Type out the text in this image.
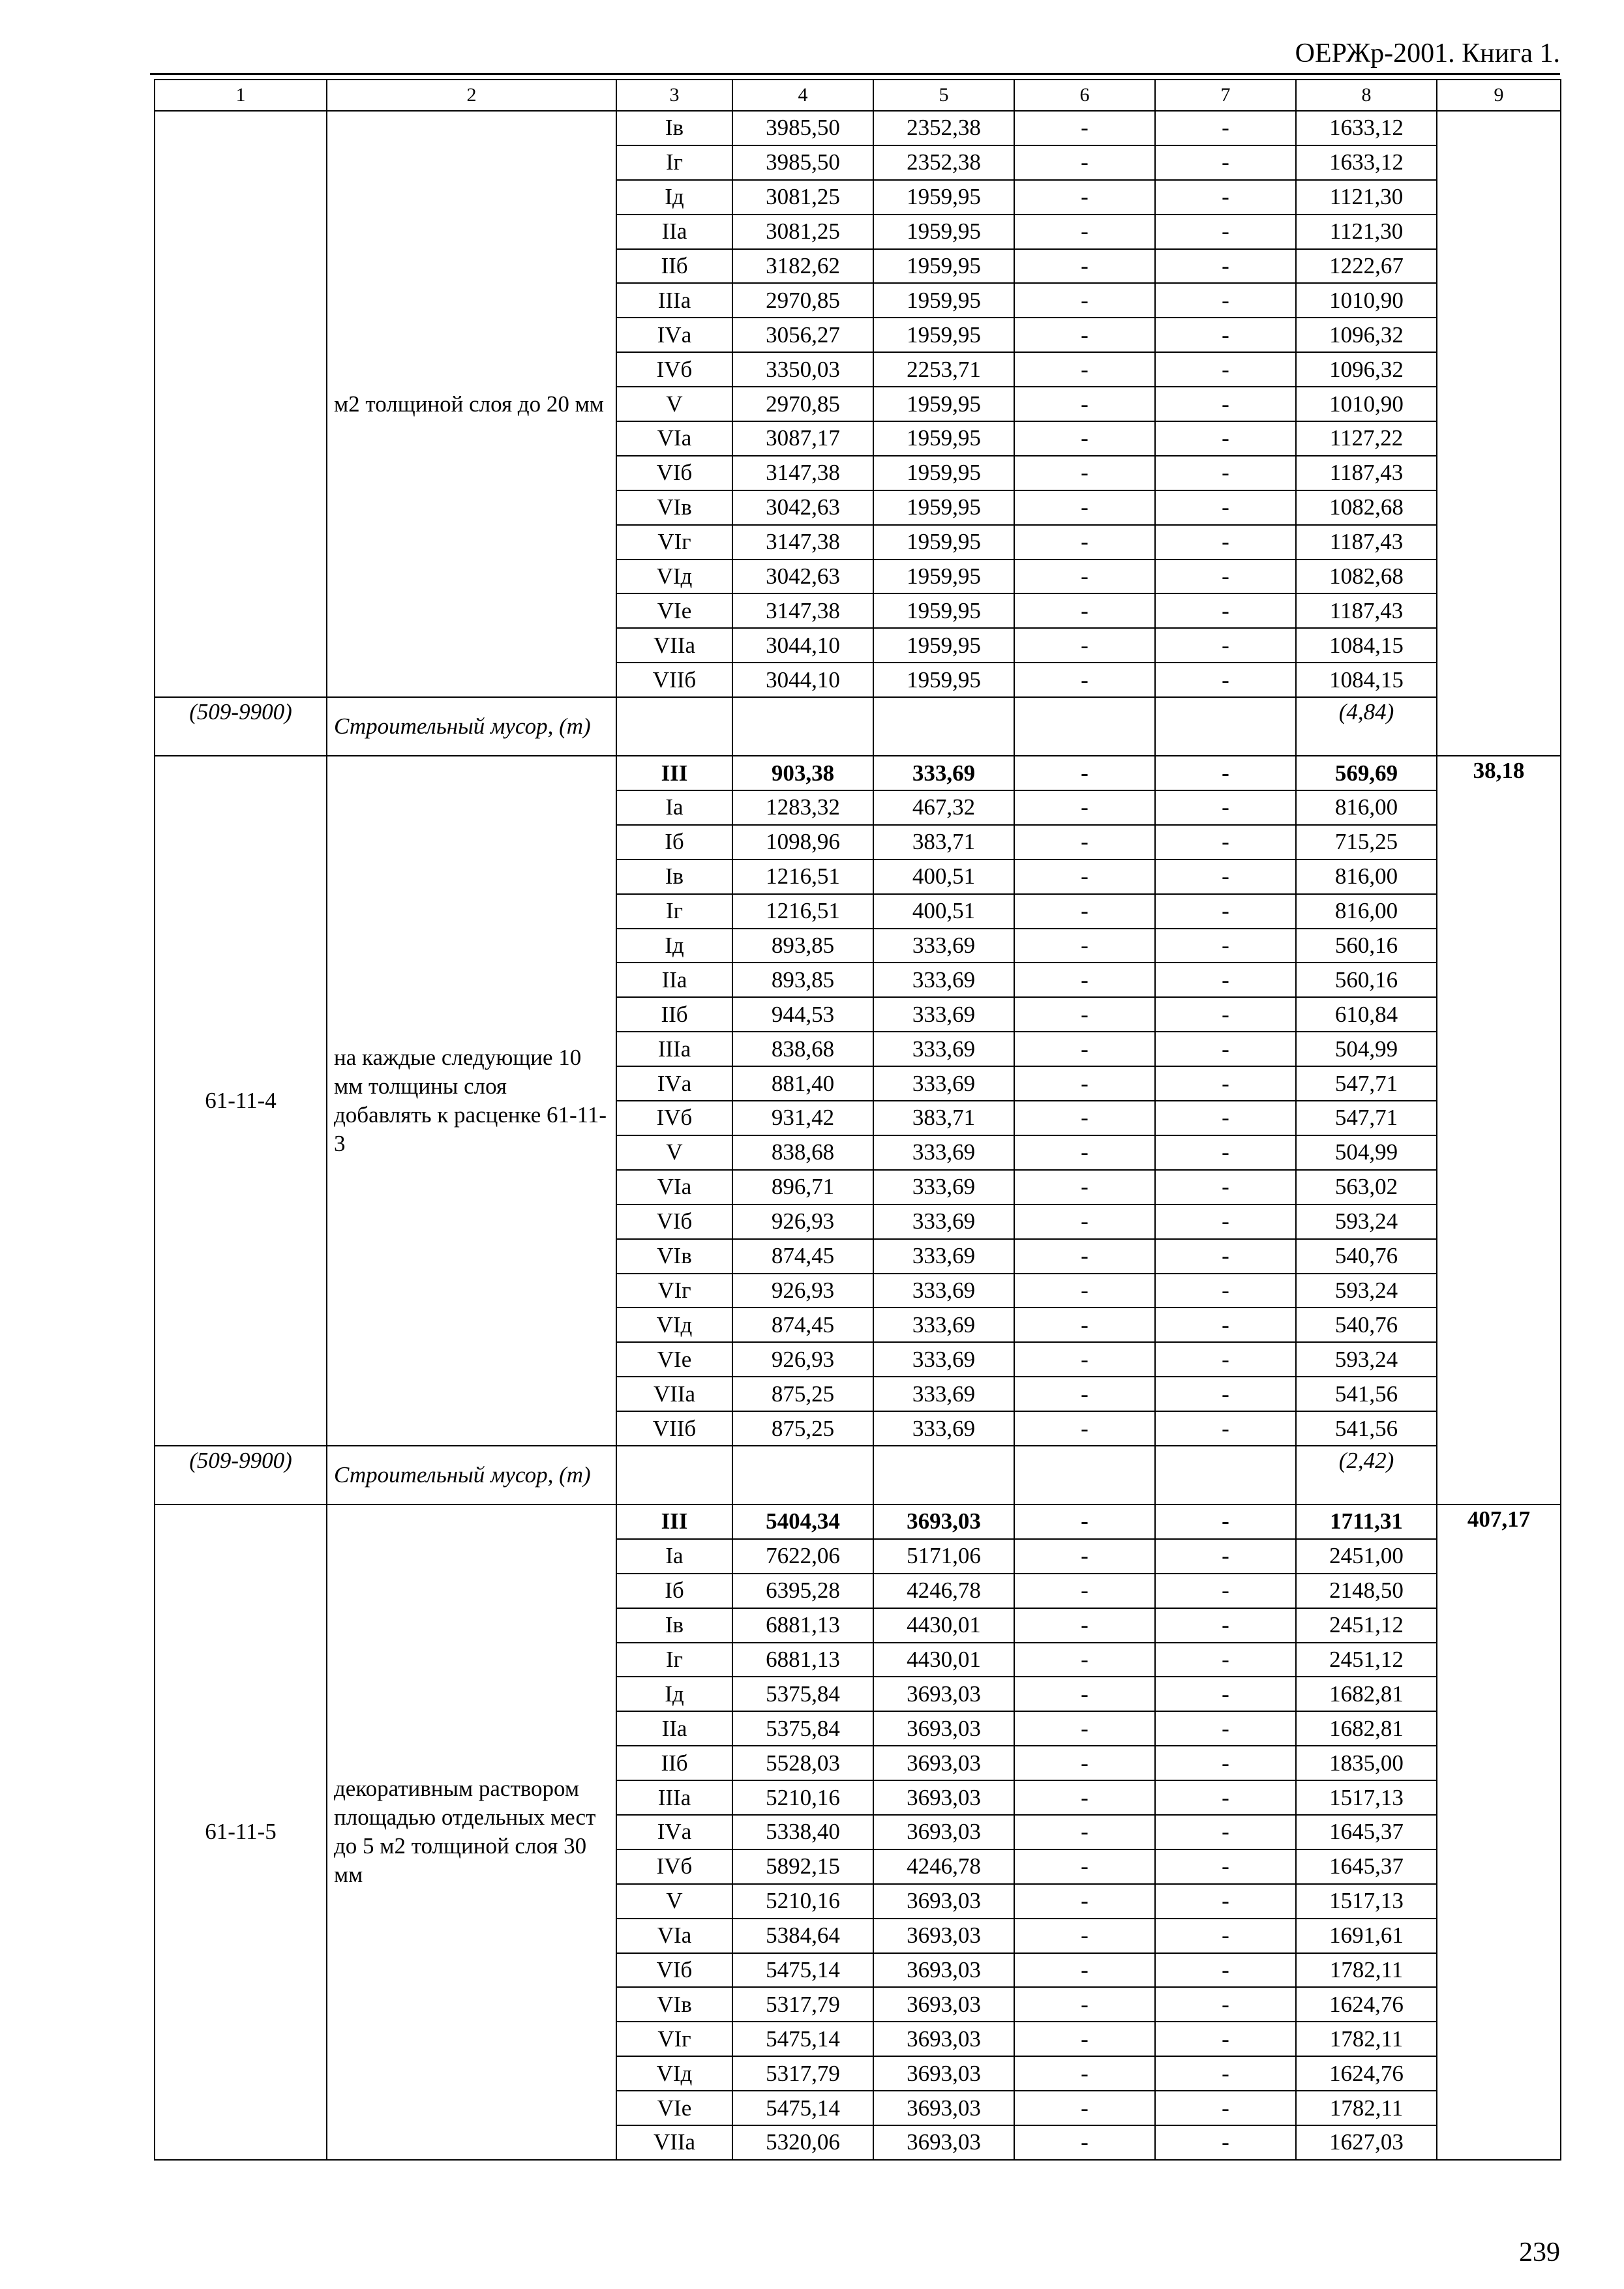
ОЕРЖр-2001. Книга 1.
1	2	3	4	5	6	7	8	9
	м2 толщиной слоя до 20 мм	Iв	3985,50	2352,38	-	-	1633,12	
		Iг	3985,50	2352,38	-	-	1633,12	
		Iд	3081,25	1959,95	-	-	1121,30	
		IIа	3081,25	1959,95	-	-	1121,30	
		IIб	3182,62	1959,95	-	-	1222,67	
		IIIа	2970,85	1959,95	-	-	1010,90	
		IVа	3056,27	1959,95	-	-	1096,32	
		IVб	3350,03	2253,71	-	-	1096,32	
		V	2970,85	1959,95	-	-	1010,90	
		VIа	3087,17	1959,95	-	-	1127,22	
		VIб	3147,38	1959,95	-	-	1187,43	
		VIв	3042,63	1959,95	-	-	1082,68	
		VIг	3147,38	1959,95	-	-	1187,43	
		VIд	3042,63	1959,95	-	-	1082,68	
		VIе	3147,38	1959,95	-	-	1187,43	
		VIIа	3044,10	1959,95	-	-	1084,15	
		VIIб	3044,10	1959,95	-	-	1084,15	
(509-9900)	Строительный мусор, (т)						(4,84)	
61-11-4	на каждые следующие 10 мм толщины слоя добавлять к расценке 61-11-3	III	903,38	333,69	-	-	569,69	38,18
		Iа	1283,32	467,32	-	-	816,00	
		Iб	1098,96	383,71	-	-	715,25	
		Iв	1216,51	400,51	-	-	816,00	
		Iг	1216,51	400,51	-	-	816,00	
		Iд	893,85	333,69	-	-	560,16	
		IIа	893,85	333,69	-	-	560,16	
		IIб	944,53	333,69	-	-	610,84	
		IIIа	838,68	333,69	-	-	504,99	
		IVа	881,40	333,69	-	-	547,71	
		IVб	931,42	383,71	-	-	547,71	
		V	838,68	333,69	-	-	504,99	
		VIа	896,71	333,69	-	-	563,02	
		VIб	926,93	333,69	-	-	593,24	
		VIв	874,45	333,69	-	-	540,76	
		VIг	926,93	333,69	-	-	593,24	
		VIд	874,45	333,69	-	-	540,76	
		VIе	926,93	333,69	-	-	593,24	
		VIIа	875,25	333,69	-	-	541,56	
		VIIб	875,25	333,69	-	-	541,56	
(509-9900)	Строительный мусор, (т)						(2,42)	
61-11-5	декоративным раствором площадью отдельных мест до 5 м2 толщиной слоя 30 мм	III	5404,34	3693,03	-	-	1711,31	407,17
		Iа	7622,06	5171,06	-	-	2451,00	
		Iб	6395,28	4246,78	-	-	2148,50	
		Iв	6881,13	4430,01	-	-	2451,12	
		Iг	6881,13	4430,01	-	-	2451,12	
		Iд	5375,84	3693,03	-	-	1682,81	
		IIа	5375,84	3693,03	-	-	1682,81	
		IIб	5528,03	3693,03	-	-	1835,00	
		IIIа	5210,16	3693,03	-	-	1517,13	
		IVа	5338,40	3693,03	-	-	1645,37	
		IVб	5892,15	4246,78	-	-	1645,37	
		V	5210,16	3693,03	-	-	1517,13	
		VIа	5384,64	3693,03	-	-	1691,61	
		VIб	5475,14	3693,03	-	-	1782,11	
		VIв	5317,79	3693,03	-	-	1624,76	
		VIг	5475,14	3693,03	-	-	1782,11	
		VIд	5317,79	3693,03	-	-	1624,76	
		VIе	5475,14	3693,03	-	-	1782,11	
		VIIа	5320,06	3693,03	-	-	1627,03	
239
